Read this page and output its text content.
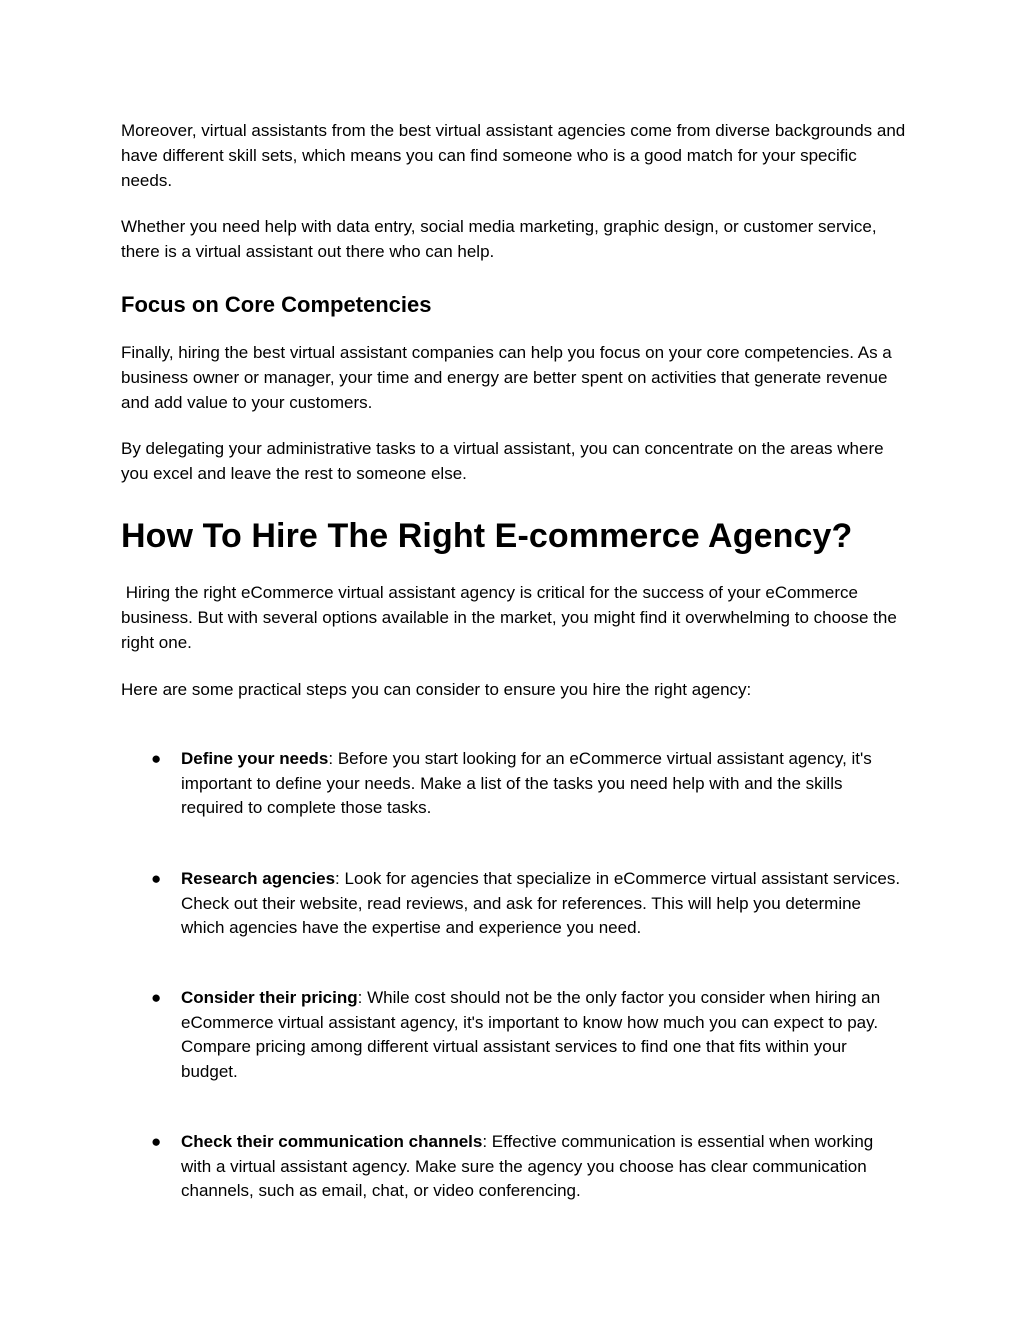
Moreover, virtual assistants from the best virtual assistant agencies come from diverse backgrounds and have different skill sets, which means you can find someone who is a good match for your specific needs.

Whether you need help with data entry, social media marketing, graphic design, or customer service, there is a virtual assistant out there who can help.

Focus on Core Competencies

Finally, hiring the best virtual assistant companies can help you focus on your core competencies. As a business owner or manager, your time and energy are better spent on activities that generate revenue and add value to your customers.

By delegating your administrative tasks to a virtual assistant, you can concentrate on the areas where you excel and leave the rest to someone else.

How To Hire The Right E-commerce Agency?

Hiring the right eCommerce virtual assistant agency is critical for the success of your eCommerce business. But with several options available in the market, you might find it overwhelming to choose the right one.

Here are some practical steps you can consider to ensure you hire the right agency:

● Define your needs: Before you start looking for an eCommerce virtual assistant agency, it's important to define your needs. Make a list of the tasks you need help with and the skills required to complete those tasks.
● Research agencies: Look for agencies that specialize in eCommerce virtual assistant services. Check out their website, read reviews, and ask for references. This will help you determine which agencies have the expertise and experience you need.
● Consider their pricing: While cost should not be the only factor you consider when hiring an eCommerce virtual assistant agency, it's important to know how much you can expect to pay. Compare pricing among different virtual assistant services to find one that fits within your budget.
● Check their communication channels: Effective communication is essential when working with a virtual assistant agency. Make sure the agency you choose has clear communication channels, such as email, chat, or video conferencing.
